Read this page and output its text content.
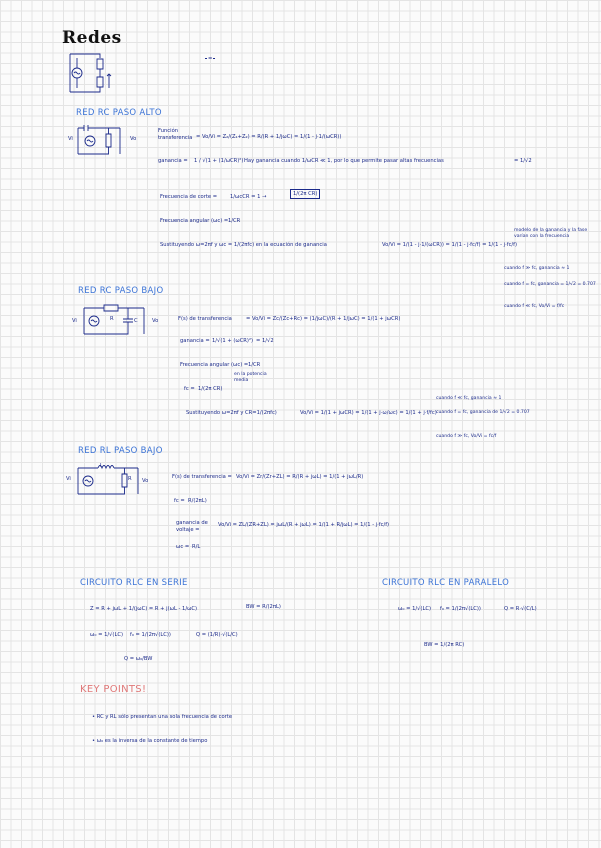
Redes
=
RED RC PASO ALTO
Vi	Vo
Función transferencia = Vo/Vi = Z₂/(Z₁+Z₂) = R/(R + 1/jωC) = 1/(1 - j·1/(ωCR))
ganancia = 1 / √(1 + (1/ωCR)²) Hay ganancia cuando 1/ωCR ≪ 1, por lo que permite pasar altas frecuencias	= 1/√2
Frecuencia de corte = 1/ωcCR = 1 →	1/(2π CR)
Frecuencia angular (ωc) = 1/CR
Sustituyendo ω=2πf y ωc = 1/(2πfc) en la ecuación de ganancia	Vo/Vi = 1/(1 - j·1/(ωCR)) = 1/(1 - j·fc/f) = 1/(1 - j·fc/f)
modelo de la ganancia y la fase varían con la frecuencia
cuando f ≫ fc, ganancia ≈ 1
cuando f = fc, ganancia = 1/√2 = 0.707
cuando f ≪ fc, Vo/Vi = f/fc
RED RC PASO BAJO
Vi	R	C	Vo	F(s) de transferencia	= Vo/Vi = Zc/(Zc+Rc) = (1/jωC)/(R + 1/jωC) = 1/(1 + jωCR)
ganancia = 1/√(1 + (ωCR)²) = 1/√2
Frecuencia angular (ωc) = 1/CR
en la potencia media
fc = 1/(2π CR)
Sustituyendo ω=2πf y CR=1/(2πfc)	Vo/Vi = 1/(1 + jωCR) = 1/(1 + j·ω/ωc) = 1/(1 + j·f/fc)
cuando f ≪ fc, ganancia ≈ 1
cuando f = fc, ganancia de 1/√2 = 0.707
cuando f ≫ fc, Vo/Vi = fc/f
RED RL PASO BAJO
Vi
L
R Vo
F(s) de transferencia = Vo/Vi = Zr/(Zr+ZL) = R/(R + jωL) = 1/(1 + jωL/R)
fc = R/(2πL)
ganancia de voltaje =
Vo/Vi = ZL/(ZR+ZL) = jωL/(R + jωL) = 1/(1 + R/jωL) = 1/(1 - j·fc/f)
ωc = R/L
CIRCUITO RLC EN SERIE
Z = R + jωL + 1/(jωC) = R + j(ωL - 1/ωC)	BW = R/(2πL)
ω₀ = 1/√(LC) f₀ = 1/(2π√(LC))	Q = (1/R)·√(L/C)
Q = ω₀/BW
CIRCUITO RLC EN PARALELO
ω₀ = 1/√(LC) f₀ = 1/(2π√(LC))	Q = R·√(C/L)
BW = 1/(2π RC)
KEY POINTS!
• RC y RL sólo presentan una sola frecuencia de corte
• ω₀ es la inversa de la constante de tiempo
